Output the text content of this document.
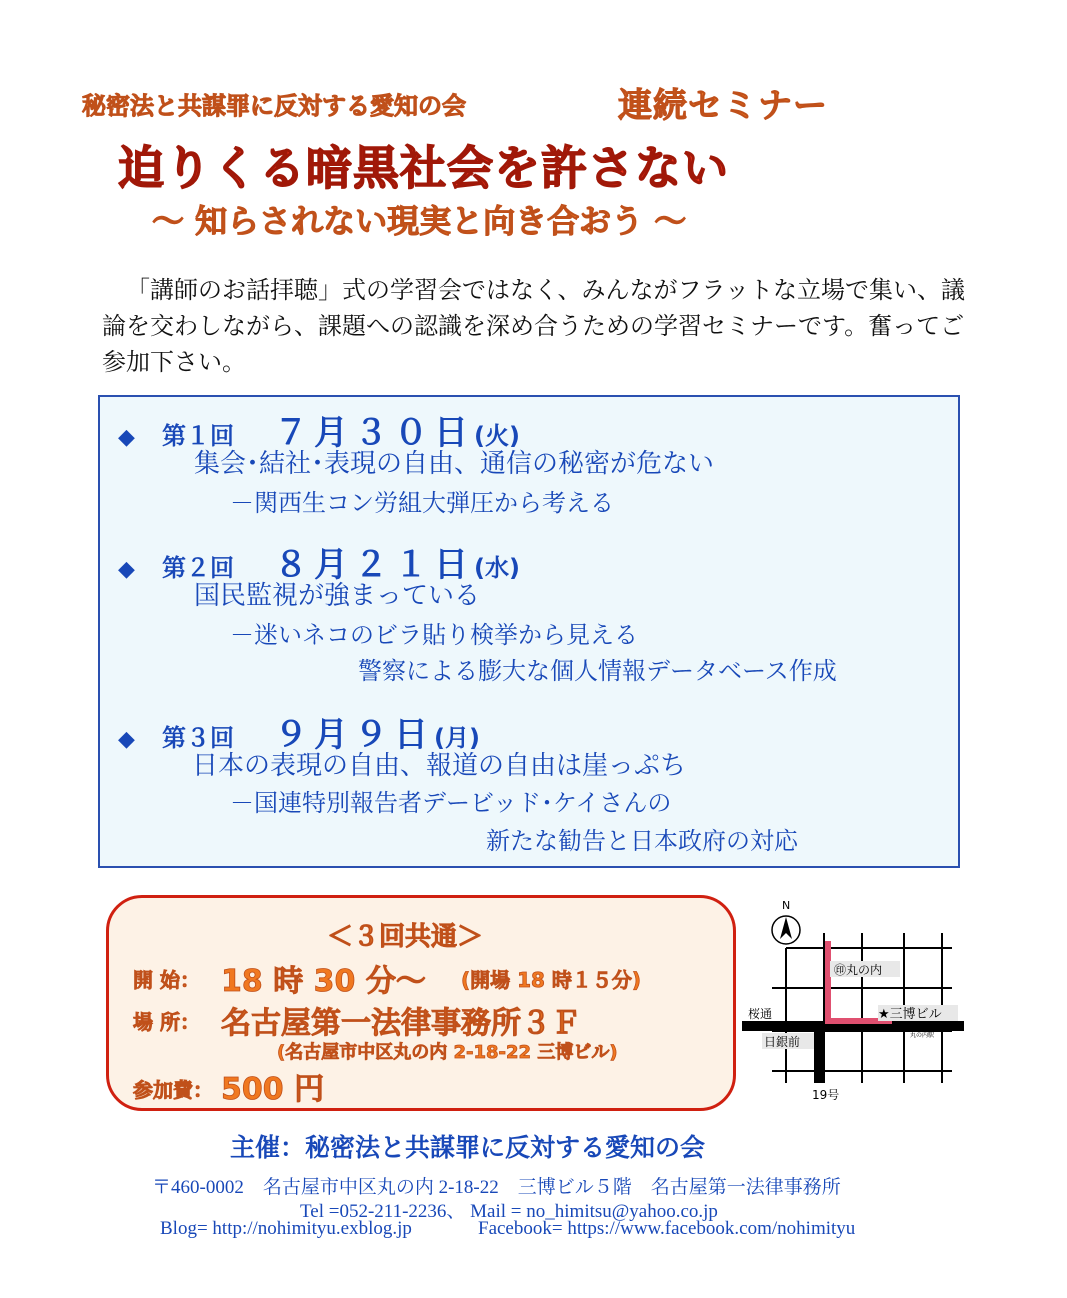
秘密法と共謀罪に反対する愛知の会	連続セミナー
迫りくる暗黒社会を許さない
～ 知らされない現実と向き合おう ～
「講師のお話拝聴」式の学習会ではなく、みんながフラットな立場で集い、議論を交わしながら、課題への認識を深め合うための学習セミナーです。奮ってご参加下さい。
◆ 第１回 ７月３０日(火)
集会･結社･表現の自由、通信の秘密が危ない
－関西生コン労組大弾圧から考える
◆ 第２回 ８月２１日(水)
国民監視が強まっている
－迷いネコのビラ貼り検挙から見える
警察による膨大な個人情報データベース作成
◆ 第３回 ９月９日(月)
日本の表現の自由、報道の自由は崖っぷち
－国連特別報告者デービッド･ケイさんの
新たな勧告と日本政府の対応
＜３回共通＞
開 始： 18 時 30 分～ (開場 18 時１５分)
場 所： 名古屋第一法律事務所３Ｆ
(名古屋市中区丸の内 2-18-22 三博ビル)
参加費： 500 円
N
㊞丸の内
桜通	★三博ビル
日銀前	丸の内駅
19号
主催：秘密法と共謀罪に反対する愛知の会
〒460-0002　名古屋市中区丸の内 2-18-22　三博ビル５階　名古屋第一法律事務所
Tel =052-211-2236、 Mail = no_himitsu@yahoo.co.jp
Blog= http://nohimityu.exblog.jp	Facebook= https://www.facebook.com/nohimityu
